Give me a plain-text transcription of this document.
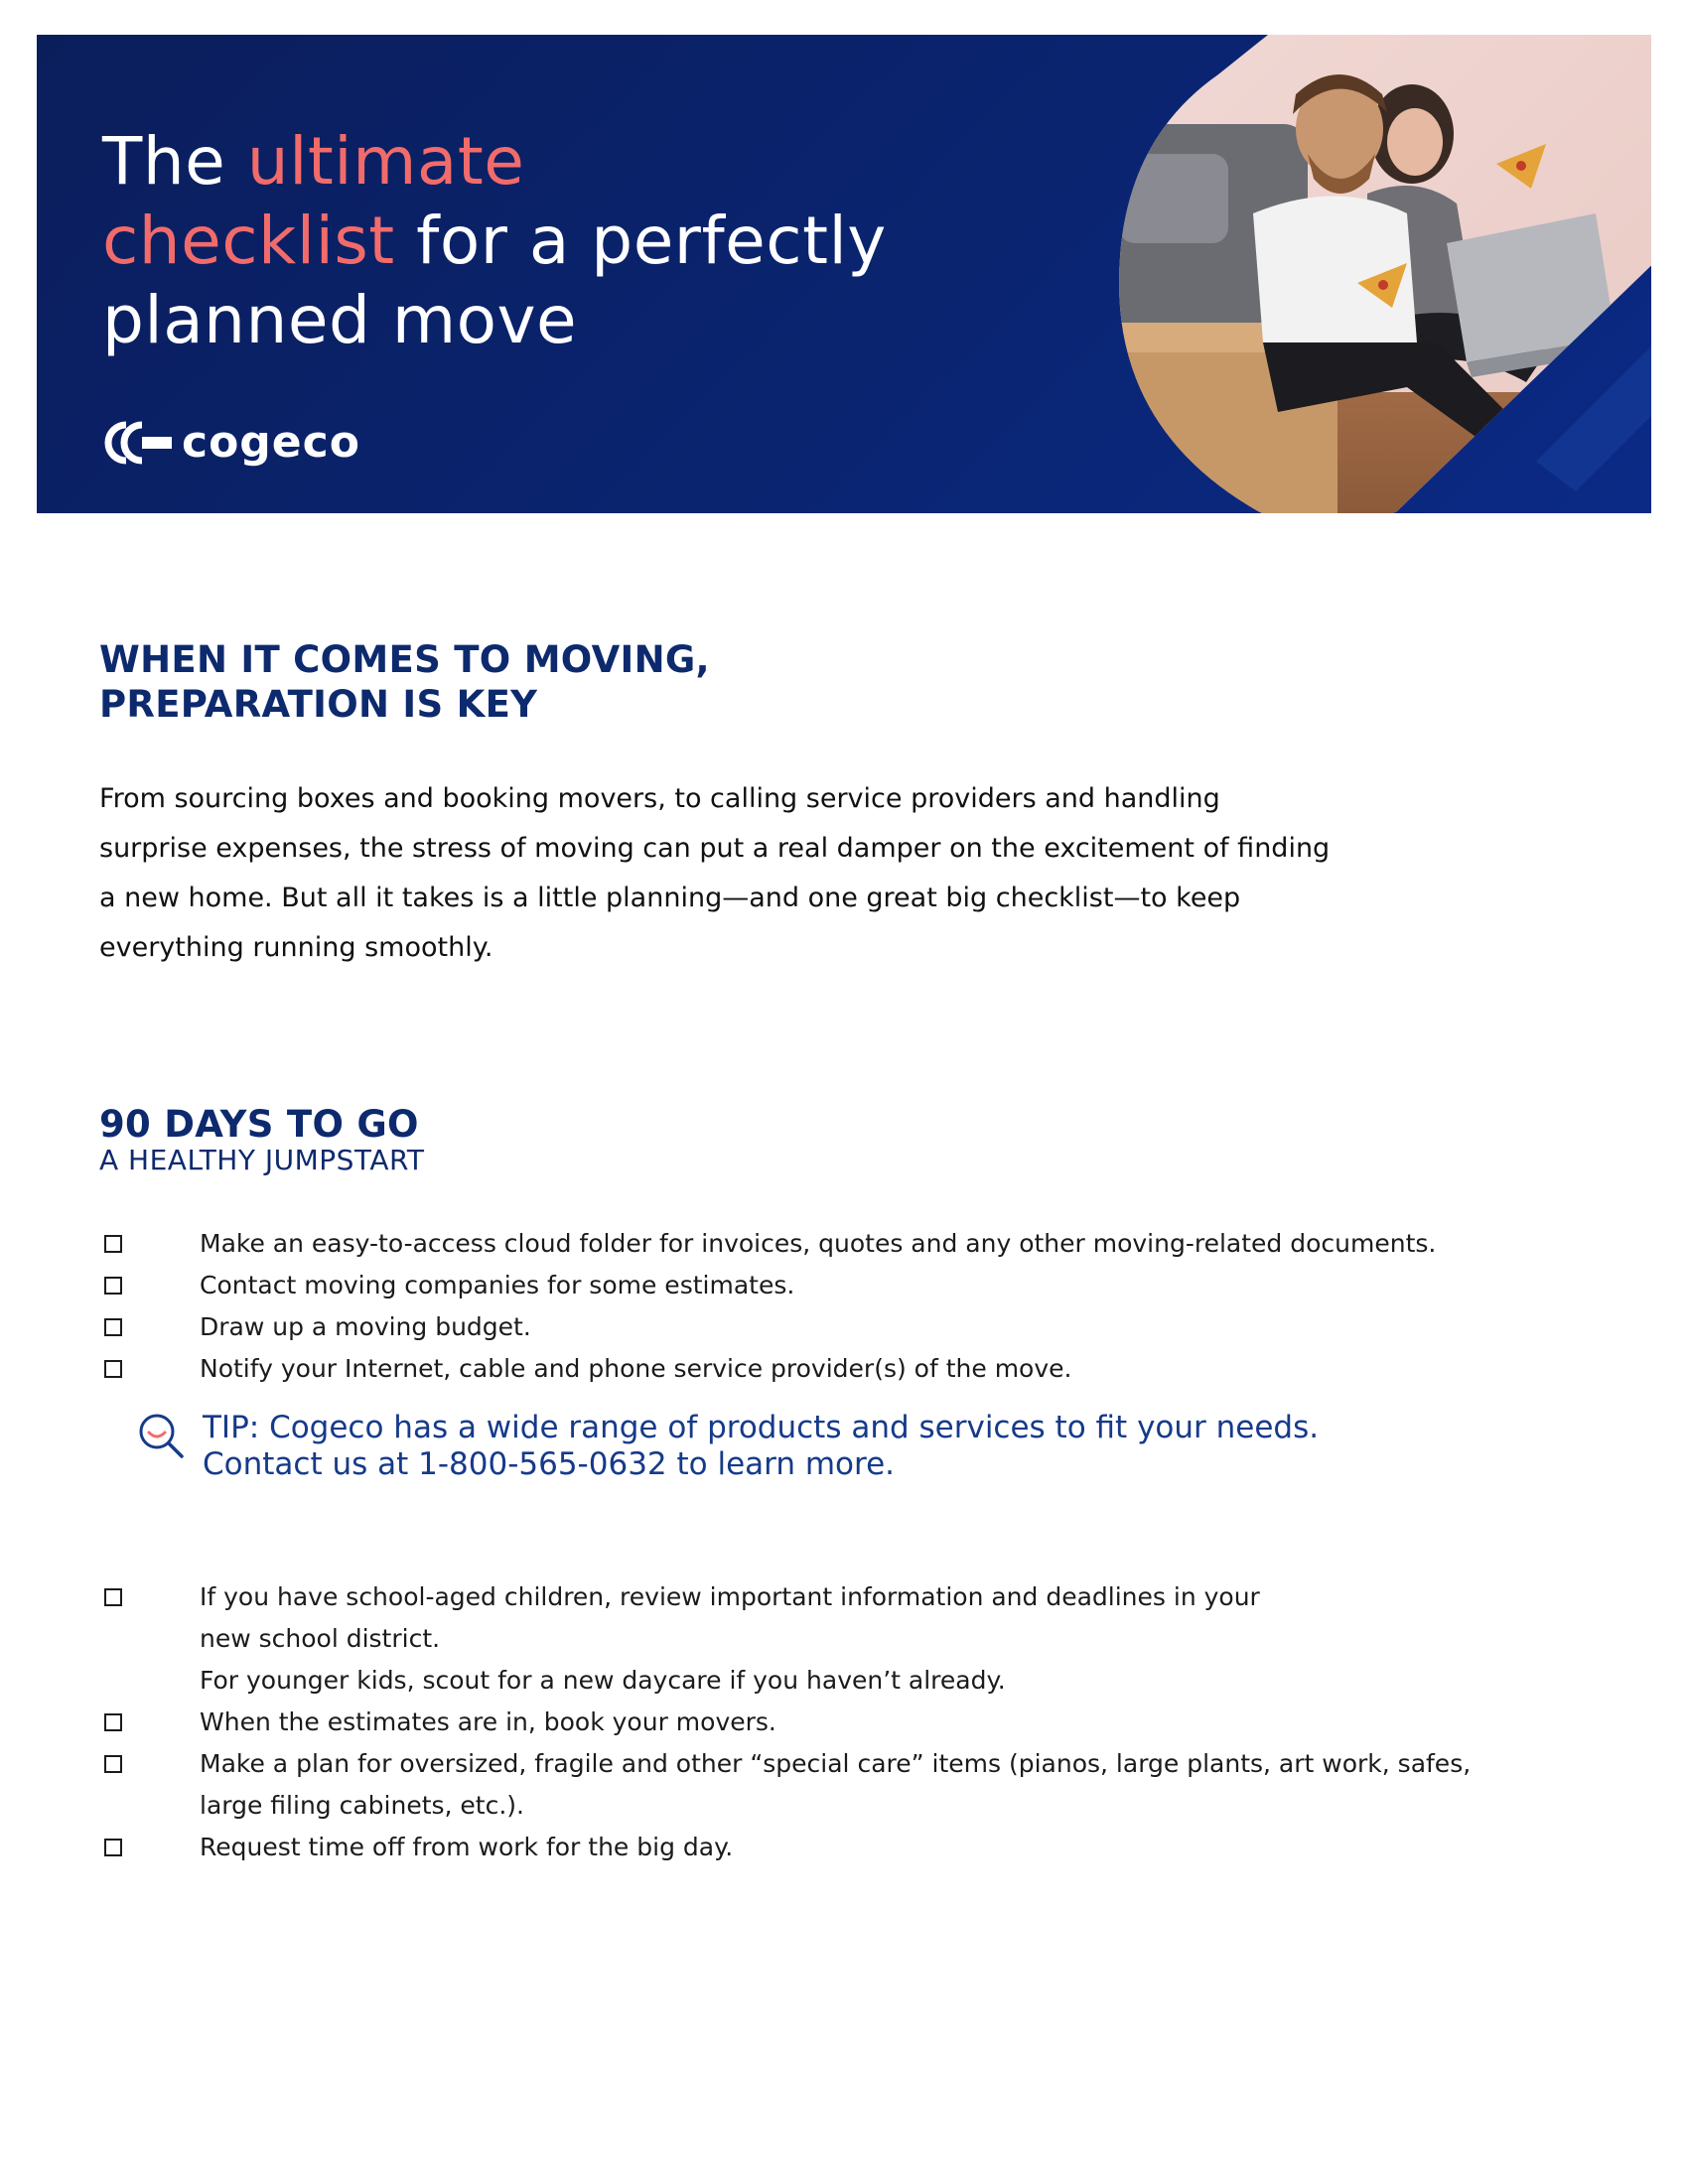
The ultimate
checklist for a perfectly
planned move
cogeco
WHEN IT COMES TO MOVING,
PREPARATION IS KEY
From sourcing boxes and booking movers, to calling service providers and handling
surprise expenses, the stress of moving can put a real damper on the excitement of finding
a new home. But all it takes is a little planning—and one great big checklist—to keep
everything running smoothly.
90 DAYS TO GO
A HEALTHY JUMPSTART
Make an easy-to-access cloud folder for invoices, quotes and any other moving-related documents.
Contact moving companies for some estimates.
Draw up a moving budget.
Notify your Internet, cable and phone service provider(s) of the move.
TIP: Cogeco has a wide range of products and services to fit your needs.
Contact us at 1-800-565-0632 to learn more.
If you have school-aged children, review important information and deadlines in your
new school district.
For younger kids, scout for a new daycare if you haven’t already.
When the estimates are in, book your movers.
Make a plan for oversized, fragile and other “special care” items (pianos, large plants, art work, safes,
large filing cabinets, etc.).
Request time off from work for the big day.
